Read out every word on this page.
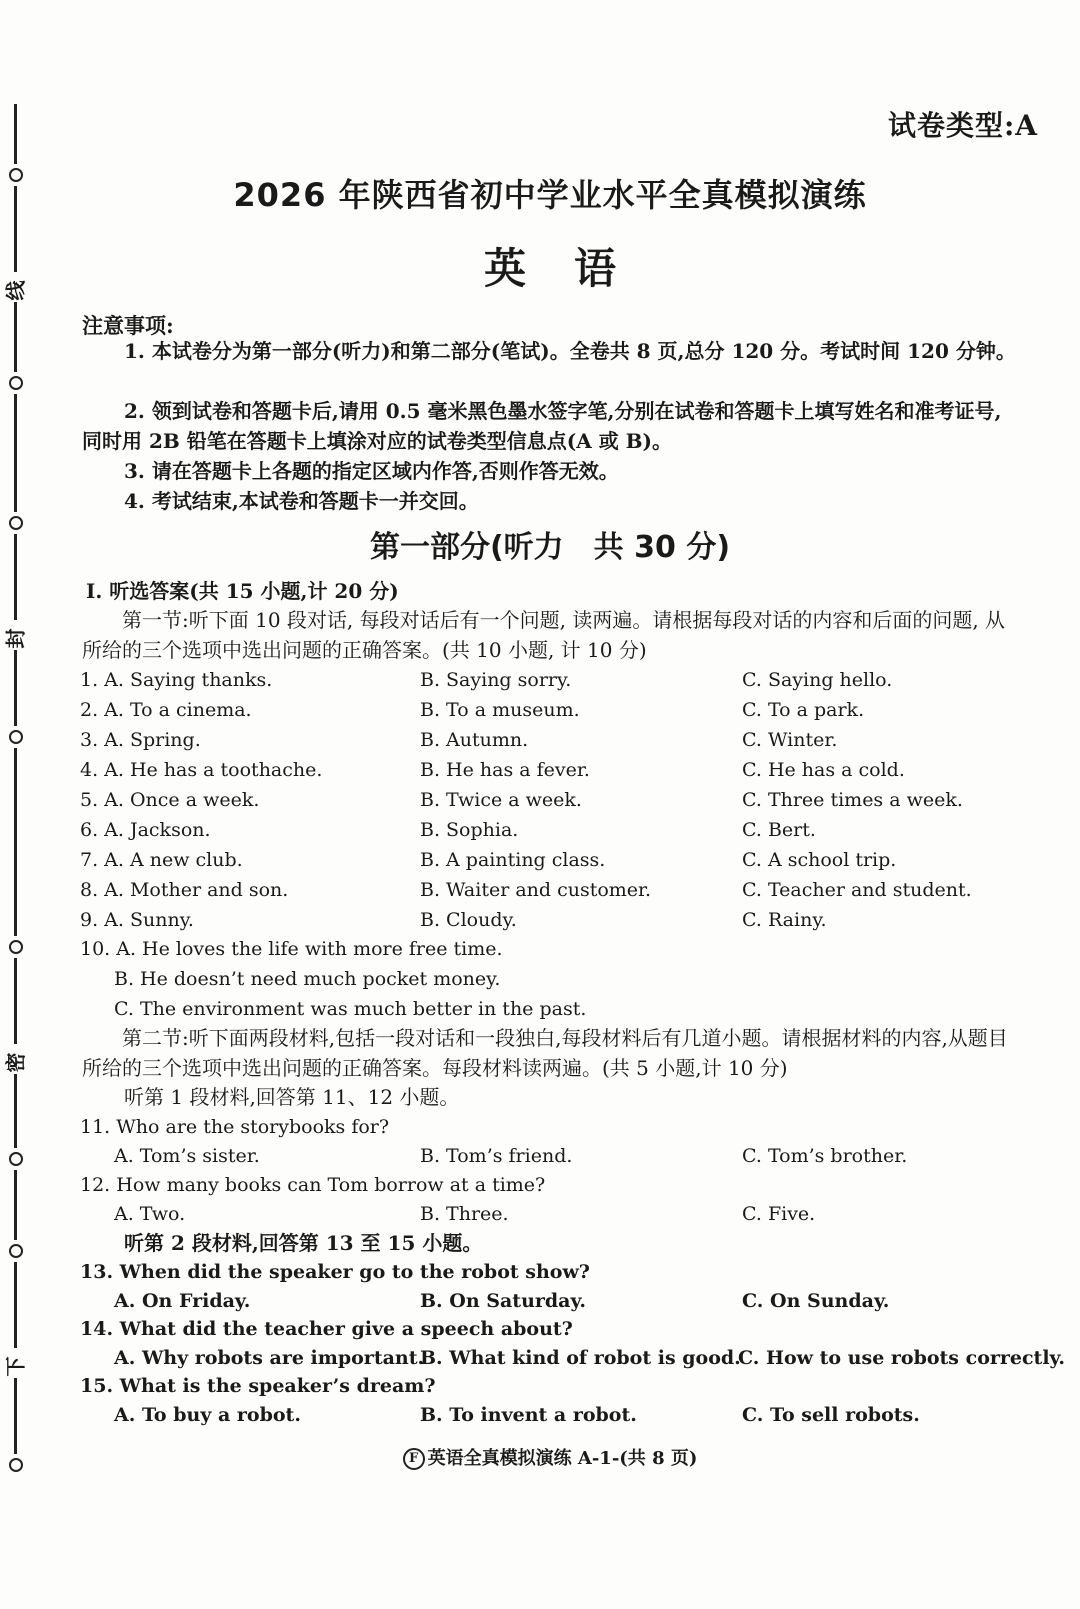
线
封
密
下
试卷类型:A
2026 年陕西省初中学业水平全真模拟演练
英语
注意事项:
1. 本试卷分为第一部分(听力)和第二部分(笔试)。全卷共 8 页,总分 120 分。考试时间 120 分钟。
2. 领到试卷和答题卡后,请用 0.5 毫米黑色墨水签字笔,分别在试卷和答题卡上填写姓名和准考证号,同时用 2B 铅笔在答题卡上填涂对应的试卷类型信息点(A 或 B)。
3. 请在答题卡上各题的指定区域内作答,否则作答无效。
4. 考试结束,本试卷和答题卡一并交回。
第一部分(听力　共 30 分)
Ⅰ. 听选答案(共 15 小题,计 20 分)
第一节:听下面 10 段对话, 每段对话后有一个问题, 读两遍。请根据每段对话的内容和后面的问题, 从所给的三个选项中选出问题的正确答案。(共 10 小题, 计 10 分)
1. A. Saying thanks.	B. Saying sorry.	C. Saying hello.
2. A. To a cinema.	B. To a museum.	C. To a park.
3. A. Spring.	B. Autumn.	C. Winter.
4. A. He has a toothache.	B. He has a fever.	C. He has a cold.
5. A. Once a week.	B. Twice a week.	C. Three times a week.
6. A. Jackson.	B. Sophia.	C. Bert.
7. A. A new club.	B. A painting class.	C. A school trip.
8. A. Mother and son.	B. Waiter and customer.	C. Teacher and student.
9. A. Sunny.	B. Cloudy.	C. Rainy.
10. A. He loves the life with more free time.
B. He doesn’t need much pocket money.
C. The environment was much better in the past.
第二节:听下面两段材料,包括一段对话和一段独白,每段材料后有几道小题。请根据材料的内容,从题目所给的三个选项中选出问题的正确答案。每段材料读两遍。(共 5 小题,计 10 分)
听第 1 段材料,回答第 11、12 小题。
11. Who are the storybooks for?
A. Tom’s sister.	B. Tom’s friend.	C. Tom’s brother.
12. How many books can Tom borrow at a time?
A. Two.	B. Three.	C. Five.
听第 2 段材料,回答第 13 至 15 小题。
13. When did the speaker go to the robot show?
A. On Friday.	B. On Saturday.	C. On Sunday.
14. What did the teacher give a speech about?
A. Why robots are important.
B. What kind of robot is good.
C. How to use robots correctly.
15. What is the speaker’s dream?
A. To buy a robot.	B. To invent a robot.	C. To sell robots.
F 英语全真模拟演练 A-1-(共 8 页)
